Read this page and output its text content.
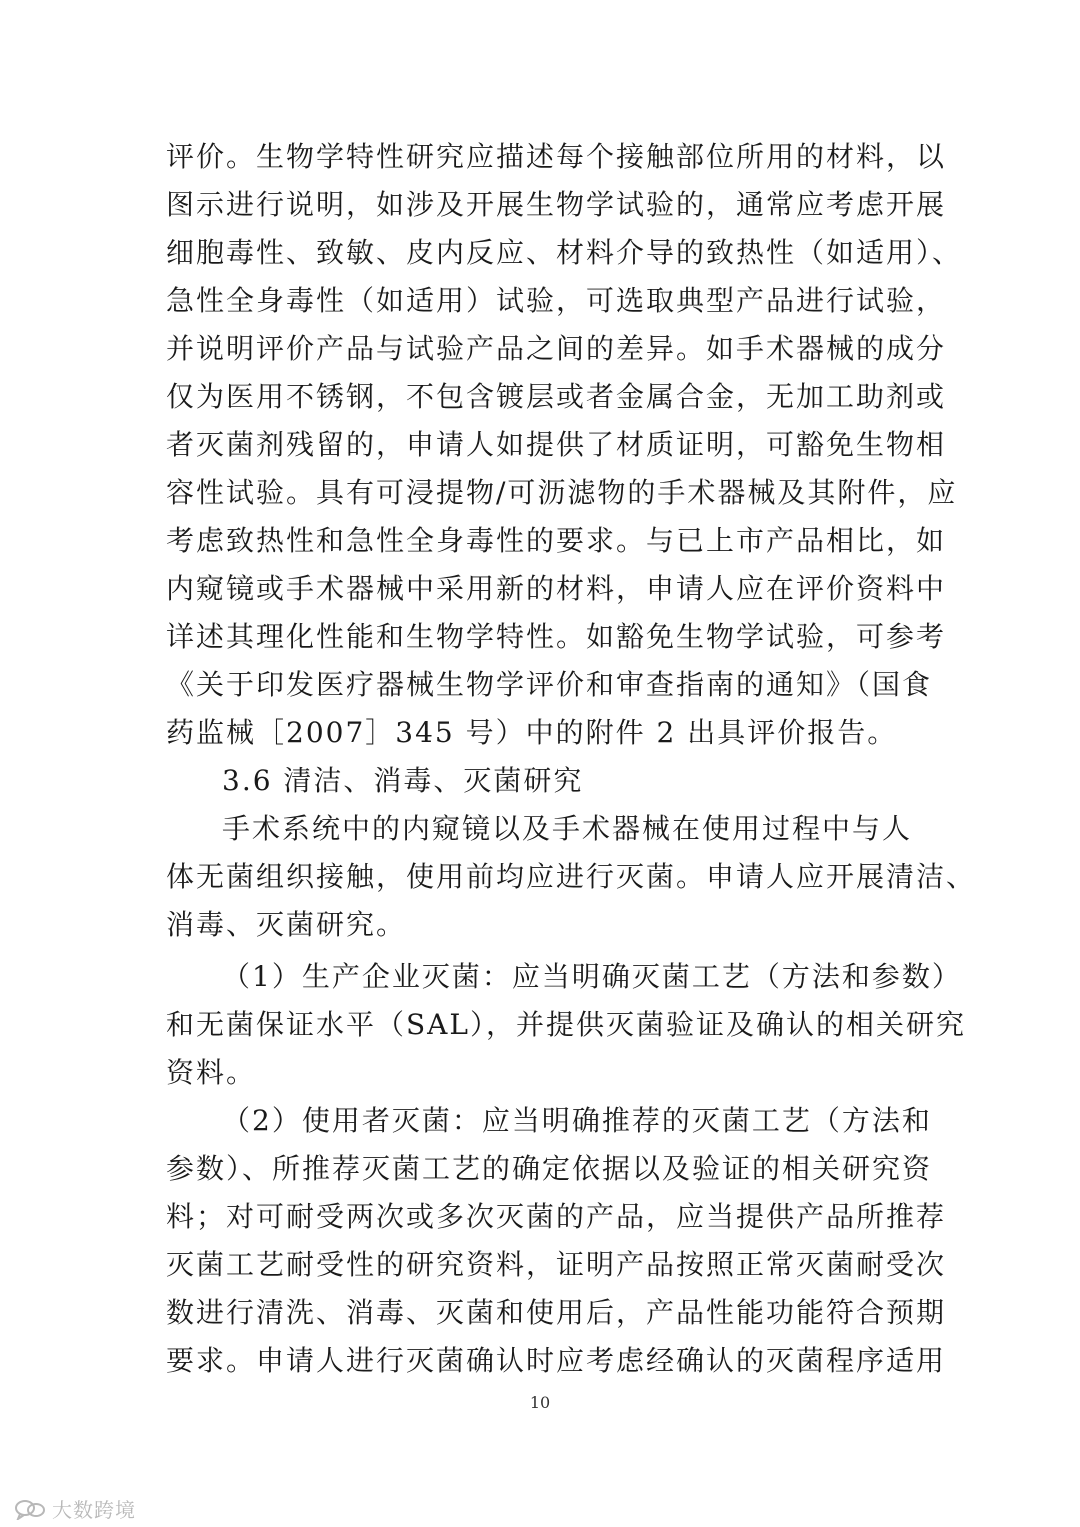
评价。生物学特性研究应描述每个接触部位所用的材料，以
图示进行说明，如涉及开展生物学试验的，通常应考虑开展
细胞毒性、致敏、皮内反应、材料介导的致热性（如适用）、
急性全身毒性（如适用）试验，可选取典型产品进行试验，
并说明评价产品与试验产品之间的差异。如手术器械的成分
仅为医用不锈钢，不包含镀层或者金属合金，无加工助剂或
者灭菌剂残留的，申请人如提供了材质证明，可豁免生物相
容性试验。具有可浸提物/可沥滤物的手术器械及其附件，应
考虑致热性和急性全身毒性的要求。与已上市产品相比，如
内窥镜或手术器械中采用新的材料，申请人应在评价资料中
详述其理化性能和生物学特性。如豁免生物学试验，可参考
《关于印发医疗器械生物学评价和审查指南的通知》（国食
药监械［2007］345 号）中的附件 2 出具评价报告。
3.6 清洁、消毒、灭菌研究
手术系统中的内窥镜以及手术器械在使用过程中与人
体无菌组织接触，使用前均应进行灭菌。申请人应开展清洁、
消毒、灭菌研究。
（1）生产企业灭菌：应当明确灭菌工艺（方法和参数）
和无菌保证水平（SAL），并提供灭菌验证及确认的相关研究
资料。
（2）使用者灭菌：应当明确推荐的灭菌工艺（方法和
参数）、所推荐灭菌工艺的确定依据以及验证的相关研究资
料；对可耐受两次或多次灭菌的产品，应当提供产品所推荐
灭菌工艺耐受性的研究资料，证明产品按照正常灭菌耐受次
数进行清洗、消毒、灭菌和使用后，产品性能功能符合预期
要求。申请人进行灭菌确认时应考虑经确认的灭菌程序适用
10
大数跨境
